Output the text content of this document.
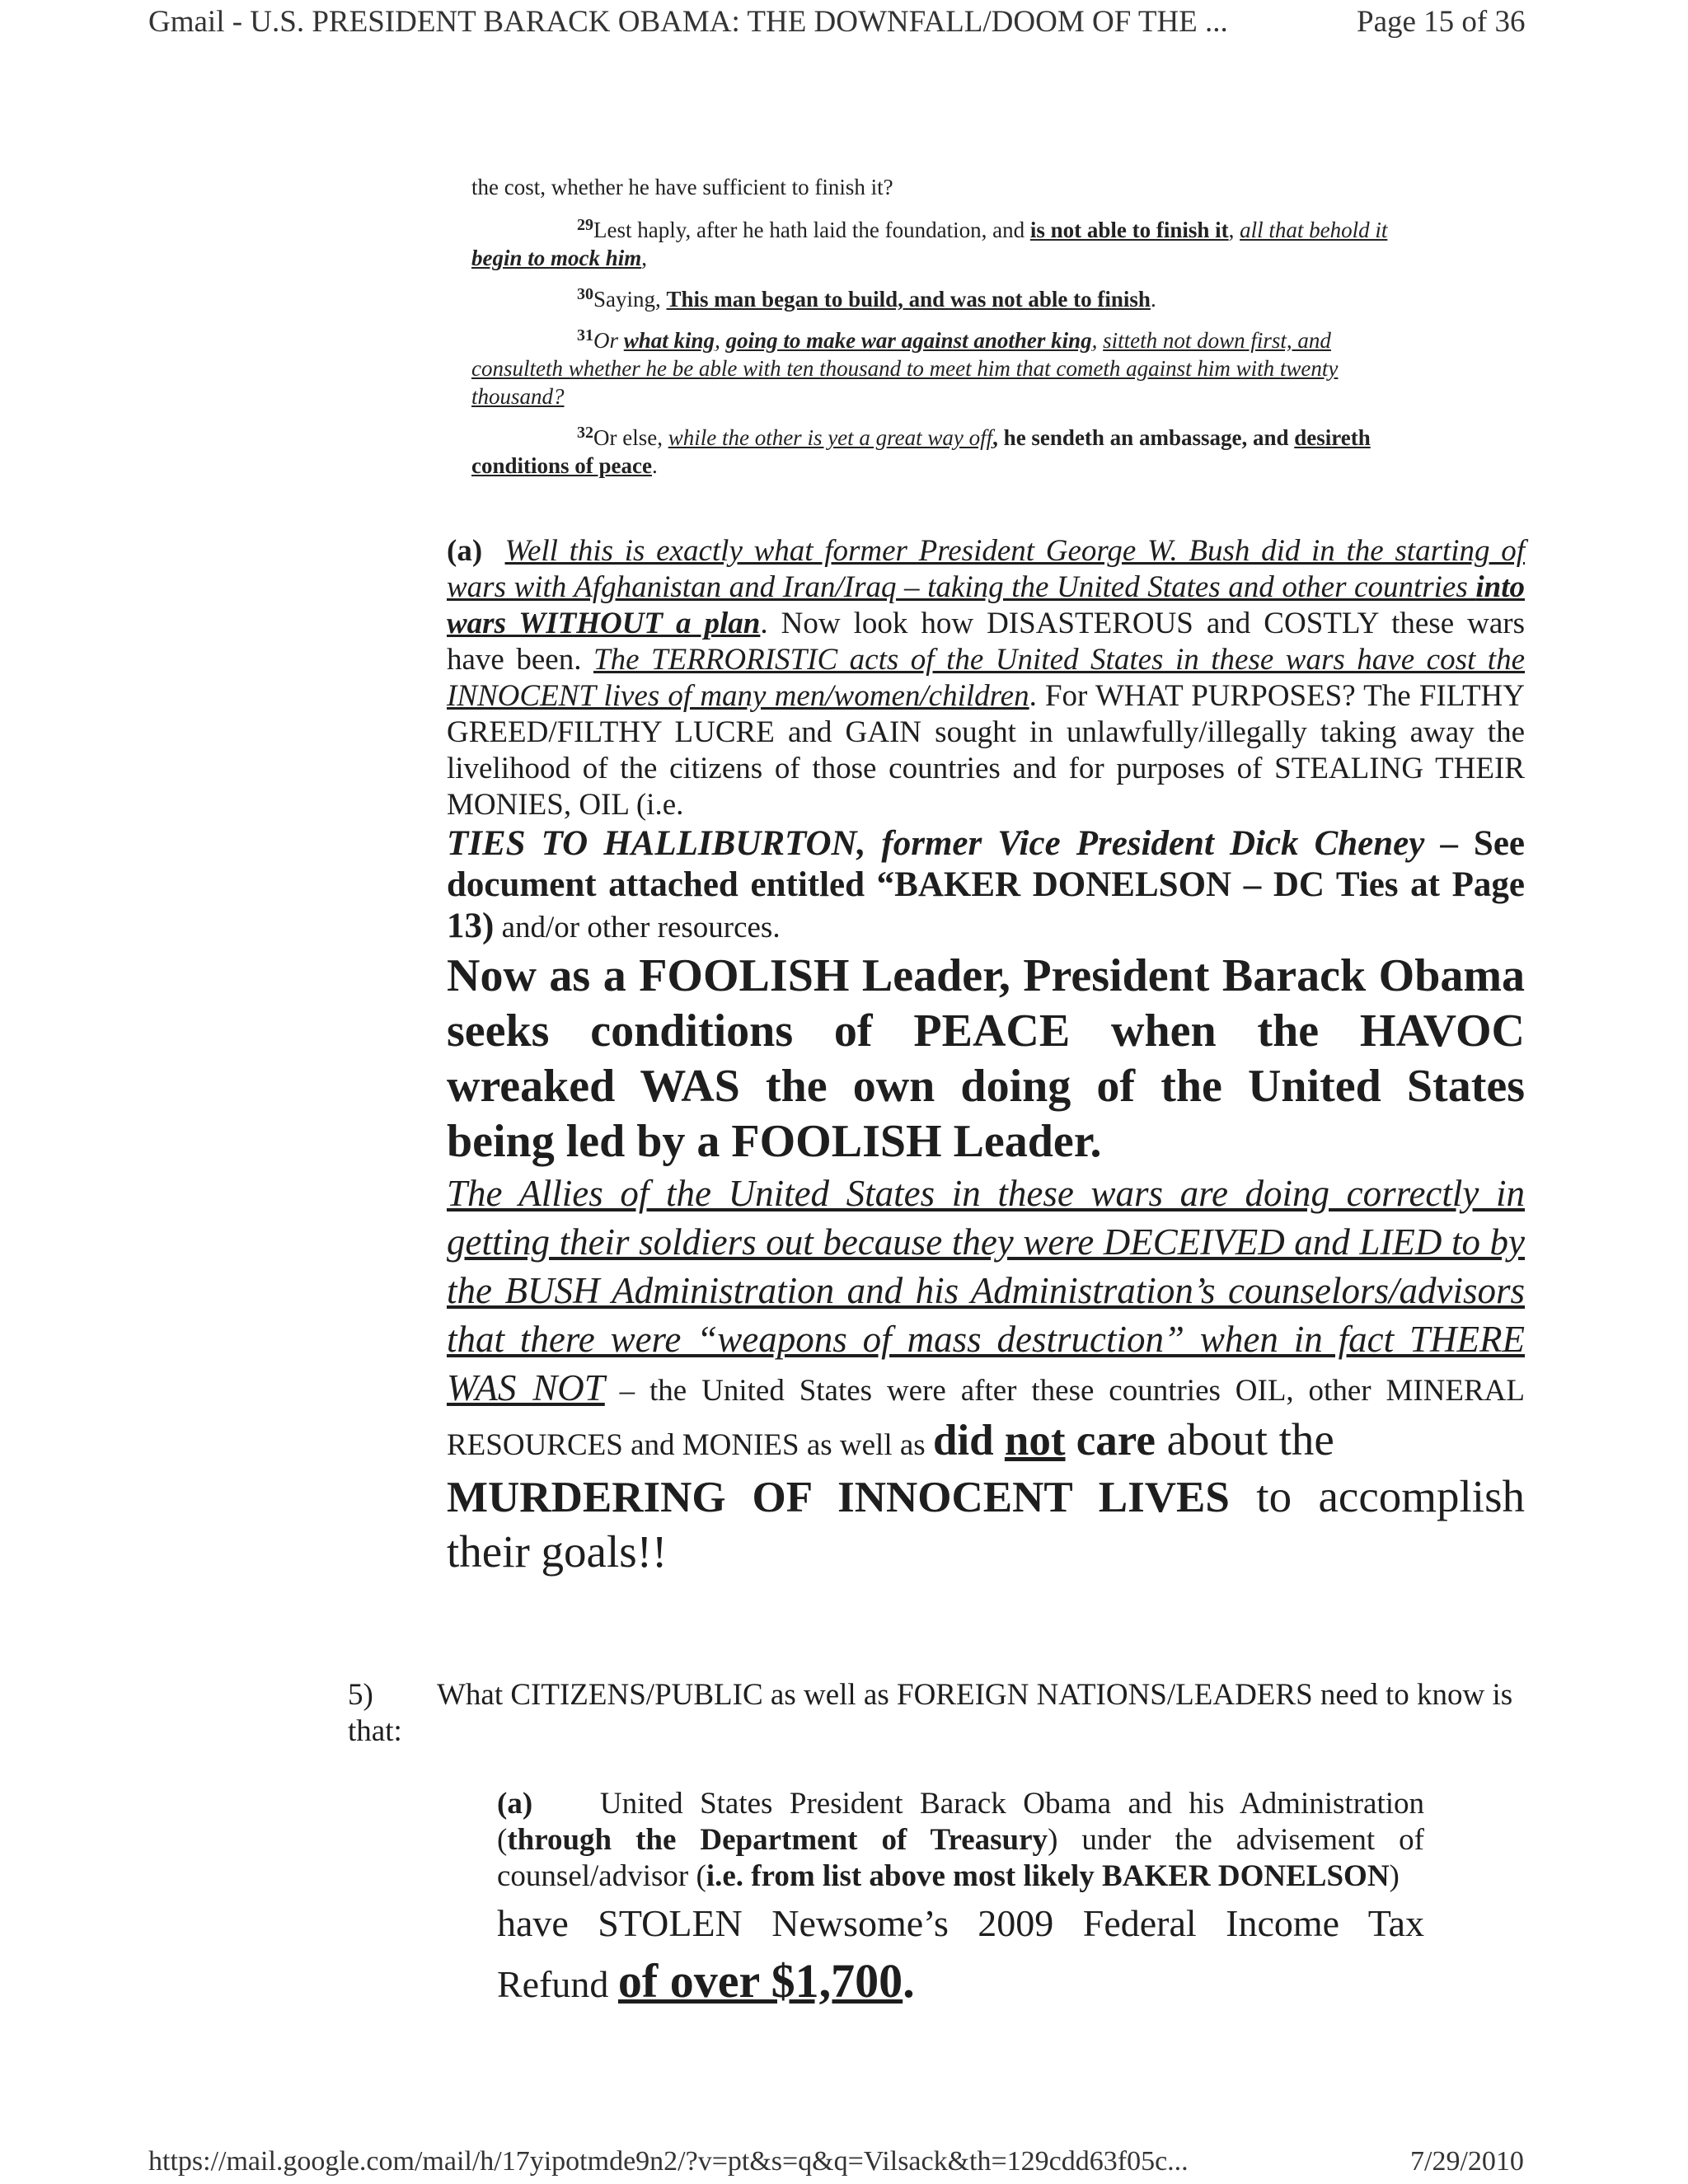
Gmail - U.S. PRESIDENT BARACK OBAMA: THE DOWNFALL/DOOM OF THE ...	Page 15 of 36

the cost, whether he have sufficient to finish it?

$^{29}$Lest haply, after he hath laid the foundation, and is not able to finish it, all that behold it begin to mock him,

$^{30}$Saying, This man began to build, and was not able to finish.

$^{31}$Or what king, going to make war against another king, sitteth not down first, and consulteth whether he be able with ten thousand to meet him that cometh against him with twenty thousand?

$^{32}$Or else, while the other is yet a great way off, he sendeth an ambassage, and desireth conditions of peace.

(a) Well this is exactly what former President George W. Bush did in the starting of wars with Afghanistan and Iran/Iraq – taking the United States and other countries into wars WITHOUT a plan. Now look how DISASTEROUS and COSTLY these wars have been. The TERRORISTIC acts of the United States in these wars have cost the INNOCENT lives of many men/women/children. For WHAT PURPOSES? The FILTHY GREED/FILTHY LUCRE and GAIN sought in unlawfully/illegally taking away the livelihood of the citizens of those countries and for purposes of STEALING THEIR MONIES, OIL (i.e.

TIES TO HALLIBURTON, former Vice President Dick Cheney – See document attached entitled “BAKER DONELSON – DC Ties at Page 13) and/or other resources.

Now as a FOOLISH Leader, President Barack Obama seeks conditions of PEACE when the HAVOC wreaked WAS the own doing of the United States being led by a FOOLISH Leader.

The Allies of the United States in these wars are doing correctly in getting their soldiers out because they were DECEIVED and LIED to by the BUSH Administration and his Administration’s counselors/advisors that there were “weapons of mass destruction” when in fact THERE WAS NOT – the United States were after these countries OIL, other MINERAL RESOURCES and MONIES as well as did not care about the

MURDERING OF INNOCENT LIVES to accomplish their goals!!

5) What CITIZENS/PUBLIC as well as FOREIGN NATIONS/LEADERS need to know is that:

(a) United States President Barack Obama and his Administration (through the Department of Treasury) under the advisement of counsel/advisor (i.e. from list above most likely BAKER DONELSON)

have STOLEN Newsome’s 2009 Federal Income Tax Refund of over $1,700.

https://mail.google.com/mail/h/17yipotmde9n2/?v=pt&s=q&q=Vilsack&th=129cdd63f05c...	7/29/2010
